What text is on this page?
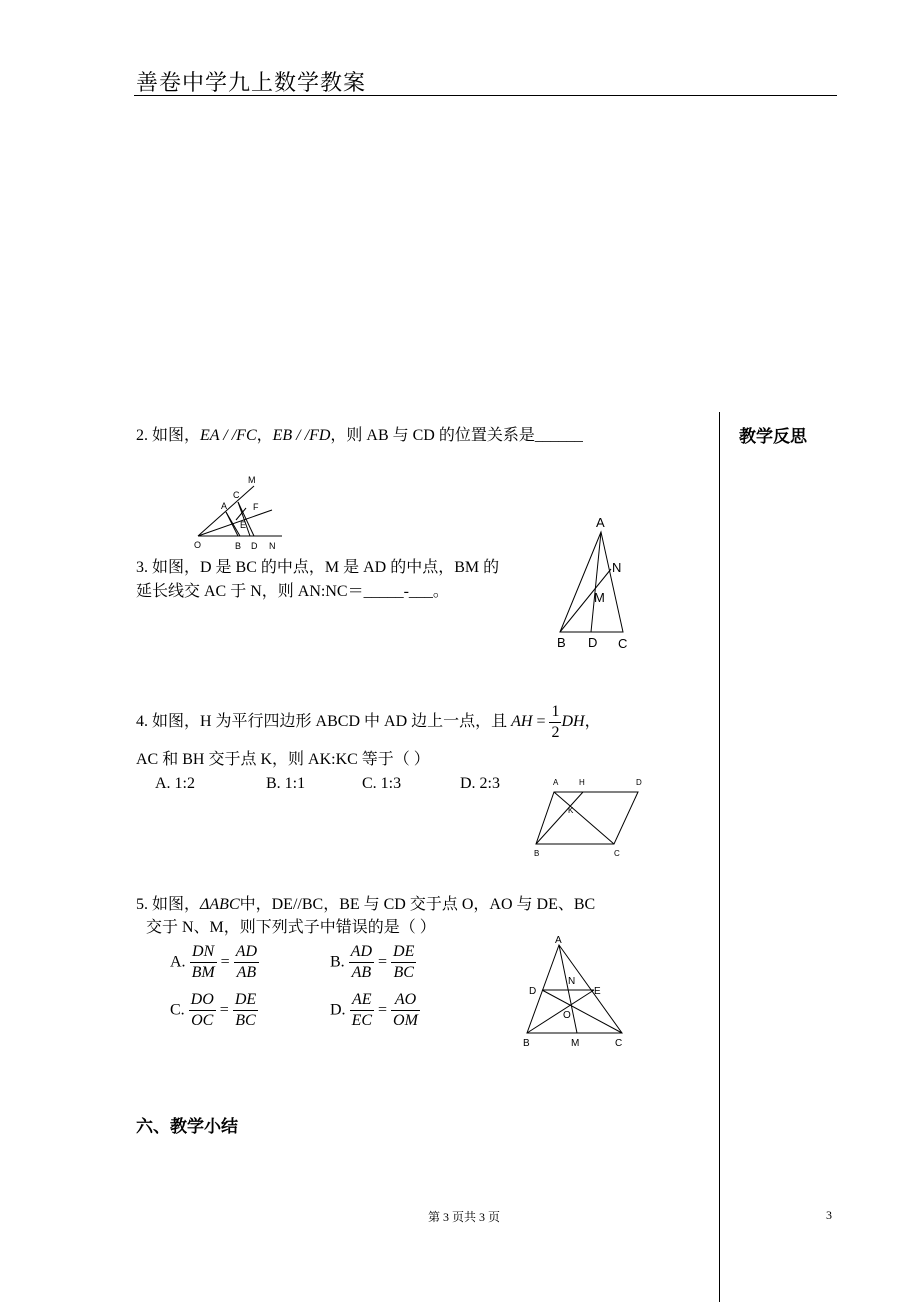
善卷中学九上数学教案
教学反思
2. 如图，EA / /FC，EB / /FD，则 AB 与 CD 的位置关系是______
M
C
A	F
E
O	B D N
3. 如图，D 是 BC 的中点，M 是 AD 的中点，BM 的
延长线交 AC 于 N，则 AN:NC＝_____-___。
A
N
M
B D C
4. 如图，H 为平行四边形 ABCD 中 AD 边上一点，且 AH = $\frac{1}{2}$ DH，
AC 和 BH 交于点 K，则 AK:KC 等于（ ）
A. 1:2	B. 1:1	C. 1:3	D. 2:3	A	H	D
K
B	C
5. 如图，ΔABC中，DE//BC，BE 与 CD 交于点 O，AO 与 DE、BC
交于 N、M，则下列式子中错误的是（ ）
A. $\frac{DN}{BM} = \frac{AD}{AB}$	B. $\frac{AD}{AB} = \frac{DE}{BC}$
C. $\frac{DO}{OC} = \frac{DE}{BC}$	D. $\frac{AE}{EC} = \frac{AO}{OM}$
A
N
D	E
O
B	M	C
六、教学小结
第 3 页共 3 页	3
